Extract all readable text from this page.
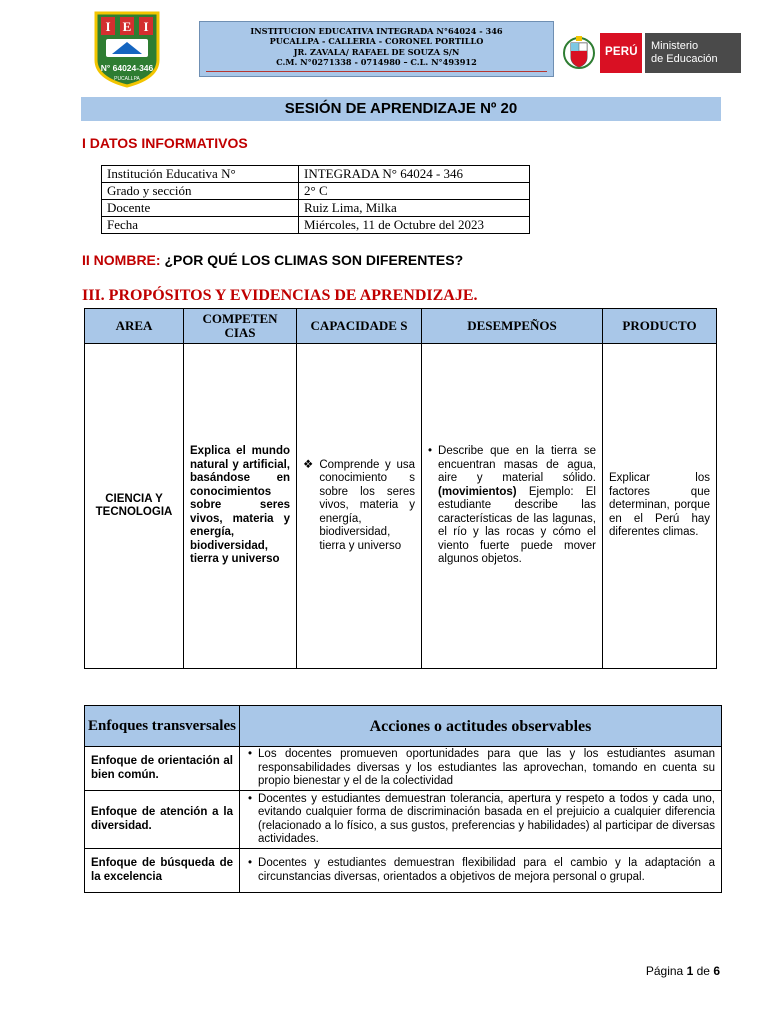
I E I
N° 64024-346
PUCALLPA
INSTITUCION EDUCATIVA INTEGRADA N°64024 - 346
PUCALLPA - CALLERIA - CORONEL PORTILLO
JR. ZAVALA/ RAFAEL DE SOUZA S/N
C.M. N°0271338 - 0714980 – C.L. N°493912
PERÚ	Ministerio
de Educación
SESIÓN DE APRENDIZAJE Nº 20
I DATOS INFORMATIVOS
Institución Educativa N°	INTEGRADA N° 64024 - 346
Grado y sección	2° C
Docente	Ruiz Lima, Milka
Fecha	Miércoles, 11 de Octubre del 2023
II NOMBRE: ¿POR QUÉ LOS CLIMAS SON DIFERENTES?
III. PROPÓSITOS Y EVIDENCIAS DE APRENDIZAJE.
AREA	COMPETEN CIAS	CAPACIDADE S	DESEMPEÑOS	PRODUCTO
CIENCIA Y TECNOLOGIA	Explica el mundo natural y artificial, basándose en conocimientos sobre seres vivos, materia y energía, biodiversidad, tierra y universo	❖ Comprende y usa conocimiento s sobre los seres vivos, materia y energía, biodiversidad, tierra y universo	• Describe que en la tierra se encuentran masas de agua, aire y material sólido. (movimientos) Ejemplo: El estudiante describe las características de las lagunas, el río y las rocas y cómo el viento fuerte puede mover algunos objetos.	Explicar los factores que determinan, porque en el Perú hay diferentes climas.
Enfoques transversales	Acciones o actitudes observables
Enfoque de orientación al bien común.	• Los docentes promueven oportunidades para que las y los estudiantes asuman responsabilidades diversas y los estudiantes las aprovechan, tomando en cuenta su propio bienestar y el de la colectividad

Enfoque de atención a la diversidad.	• Docentes y estudiantes demuestran tolerancia, apertura y respeto a todos y cada uno, evitando cualquier forma de discriminación basada en el prejuicio a cualquier diferencia (relacionado a lo físico, a sus gustos, preferencias y habilidades) al participar de diversas actividades.

Enfoque de búsqueda de la excelencia	• Docentes y estudiantes demuestran flexibilidad para el cambio y la adaptación a circunstancias diversas, orientados a objetivos de mejora personal o grupal.
Página 1 de 6
